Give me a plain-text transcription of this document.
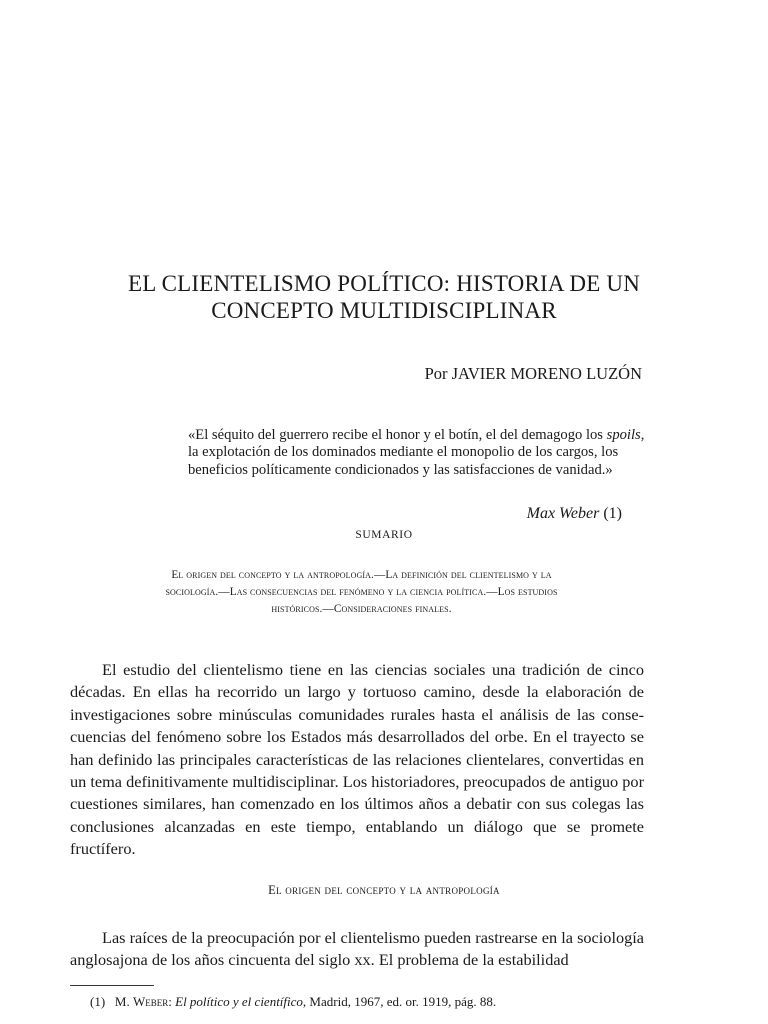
EL CLIENTELISMO POLÍTICO: HISTORIA DE UN
CONCEPTO MULTIDISCIPLINAR
Por JAVIER MORENO LUZÓN
«El séquito del guerrero recibe el honor y el botín, el del demagogo los spoils, la explotación de los dominados mediante el monopolio de los cargos, los beneficios políticamente condicionados y las satisfacciones de vanidad.»
Max Weber (1)
SUMARIO
El origen del concepto y la antropología.—La definición del clientelismo y la
sociología.—Las consecuencias del fenómeno y la ciencia política.—Los estudios
históricos.—Consideraciones finales.

El estudio del clientelismo tiene en las ciencias sociales una tradición de cinco décadas. En ellas ha recorrido un largo y tortuoso camino, desde la elaboración de investigaciones sobre minúsculas comunidades rurales hasta el análisis de las consecuencias del fenómeno sobre los Estados más desarrollados del orbe. En el trayecto se han definido las principales características de las relaciones clientelares, convertidas en un tema definitivamente multidisciplinar. Los historiadores, preocupados de antiguo por cuestiones similares, han comenzado en los últimos años a debatir con sus colegas las conclusiones alcanzadas en este tiempo, entablando un diálogo que se promete fructífero.

El origen del concepto y la antropología

Las raíces de la preocupación por el clientelismo pueden rastrearse en la sociología anglosajona de los años cincuenta del siglo xx. El problema de la estabilidad

(1) M. Weber: El político y el científico, Madrid, 1967, ed. or. 1919, pág. 88.
